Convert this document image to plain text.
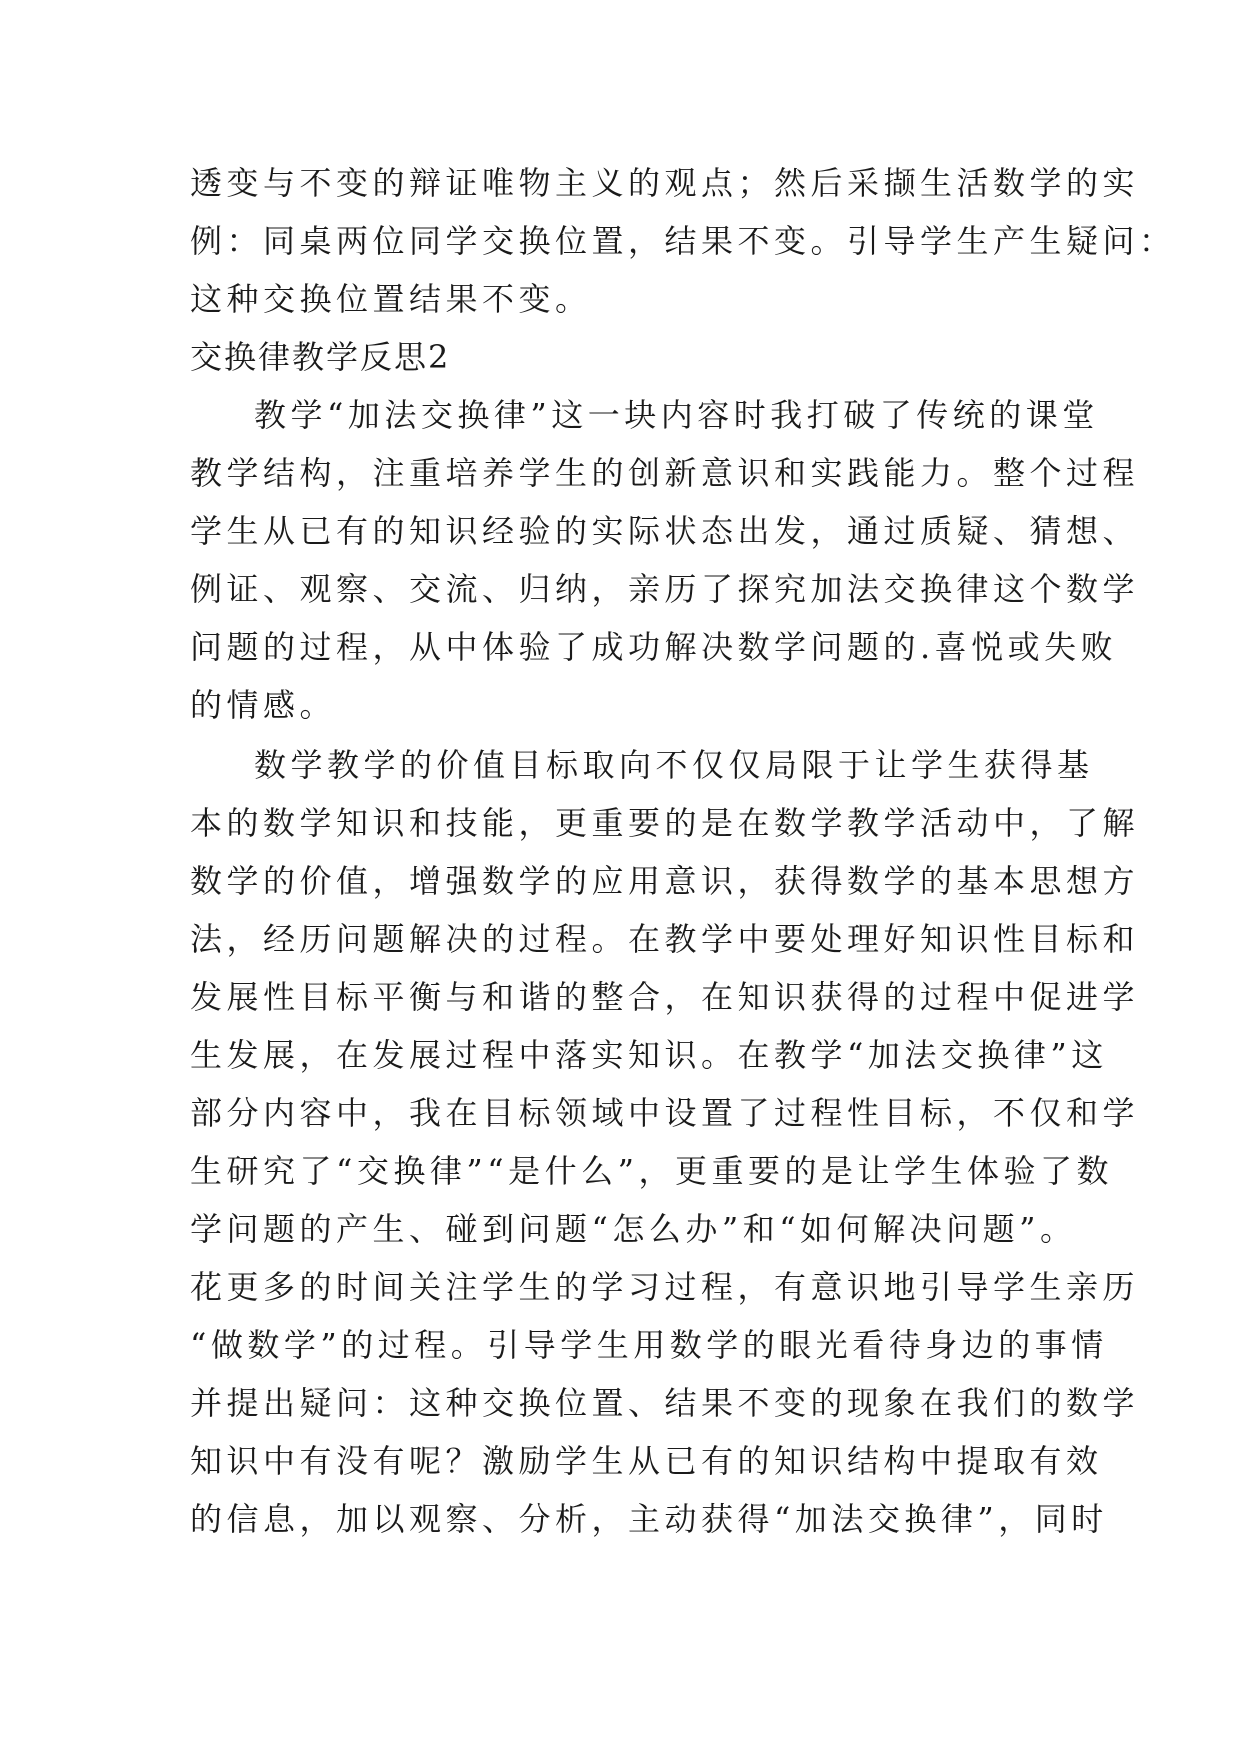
透变与不变的辩证唯物主义的观点；然后采撷生活数学的实
例：同桌两位同学交换位置，结果不变。引导学生产生疑问：
这种交换位置结果不变。
交换律教学反思2
教学“加法交换律”这一块内容时我打破了传统的课堂
教学结构，注重培养学生的创新意识和实践能力。整个过程
学生从已有的知识经验的实际状态出发，通过质疑、猜想、
例证、观察、交流、归纳，亲历了探究加法交换律这个数学
问题的过程，从中体验了成功解决数学问题的.喜悦或失败
的情感。
数学教学的价值目标取向不仅仅局限于让学生获得基
本的数学知识和技能，更重要的是在数学教学活动中，了解
数学的价值，增强数学的应用意识，获得数学的基本思想方
法，经历问题解决的过程。在教学中要处理好知识性目标和
发展性目标平衡与和谐的整合，在知识获得的过程中促进学
生发展，在发展过程中落实知识。在教学“加法交换律”这
部分内容中，我在目标领域中设置了过程性目标，不仅和学
生研究了“交换律”“是什么”，更重要的是让学生体验了数
学问题的产生、碰到问题“怎么办”和“如何解决问题”。
花更多的时间关注学生的学习过程，有意识地引导学生亲历
“做数学”的过程。引导学生用数学的眼光看待身边的事情
并提出疑问：这种交换位置、结果不变的现象在我们的数学
知识中有没有呢？激励学生从已有的知识结构中提取有效
的信息，加以观察、分析，主动获得“加法交换律”，同时
